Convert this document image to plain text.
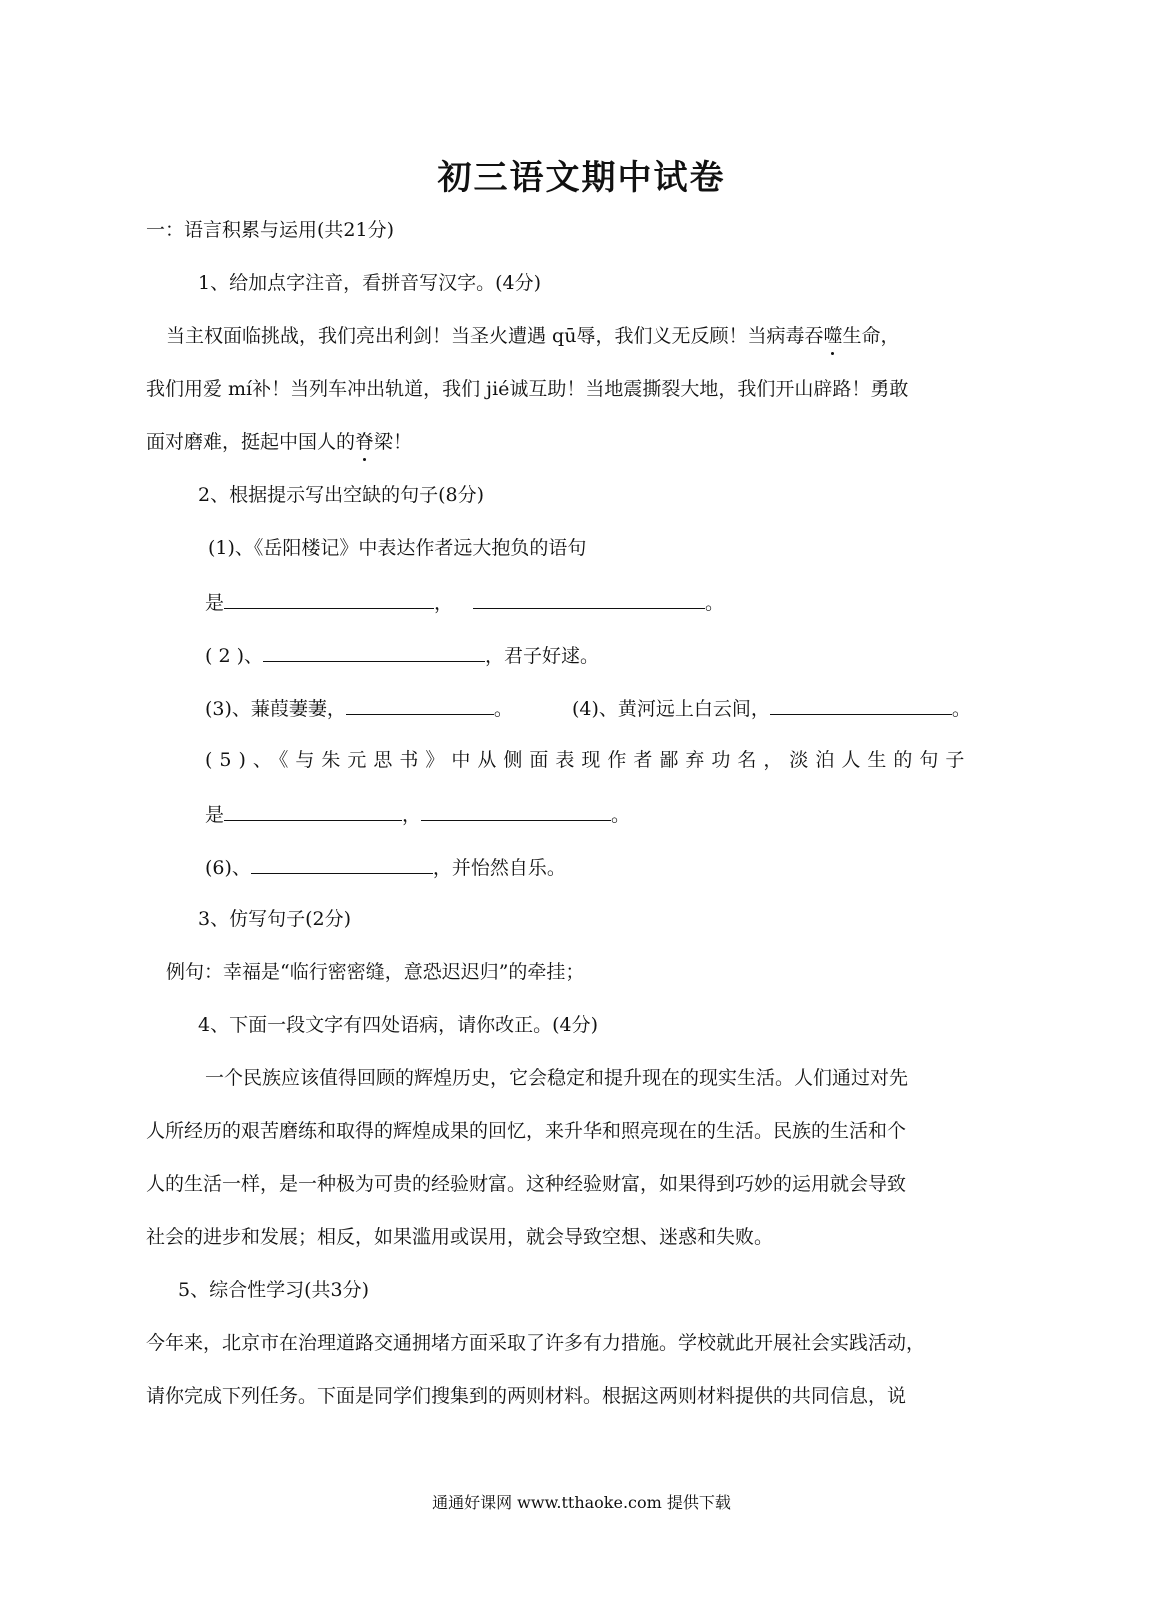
初三语文期中试卷
一：语言积累与运用(共21分)
1、给加点字注音，看拼音写汉字。(4分)
当主权面临挑战，我们亮出利剑！当圣火遭遇 qū辱，我们义无反顾！当病毒吞噬生命，
我们用爱 mí补！当列车冲出轨道，我们 jié诚互助！当地震撕裂大地，我们开山辟路！勇敢
面对磨难，挺起中国人的脊梁！
2、根据提示写出空缺的句子(8分)
(1)、《岳阳楼记》中表达作者远大抱负的语句
是	，	。
( 2 )、	，君子好逑。
(3)、蒹葭萋萋，	。	(4)、黄河远上白云间，	。
(5)、《与朱元思书》中从侧面表现作者鄙弃功名，淡泊人生的句子
是	，	。
(6)、	，并怡然自乐。
3、仿写句子(2分)
例句：幸福是“临行密密缝，意恐迟迟归”的牵挂；
4、下面一段文字有四处语病，请你改正。(4分)
一个民族应该值得回顾的辉煌历史，它会稳定和提升现在的现实生活。人们通过对先
人所经历的艰苦磨练和取得的辉煌成果的回忆，来升华和照亮现在的生活。民族的生活和个
人的生活一样，是一种极为可贵的经验财富。这种经验财富，如果得到巧妙的运用就会导致
社会的进步和发展；相反，如果滥用或误用，就会导致空想、迷惑和失败。
5、综合性学习(共3分)
今年来，北京市在治理道路交通拥堵方面采取了许多有力措施。学校就此开展社会实践活动，
请你完成下列任务。下面是同学们搜集到的两则材料。根据这两则材料提供的共同信息，说
通通好课网 www.tthaoke.com 提供下载
